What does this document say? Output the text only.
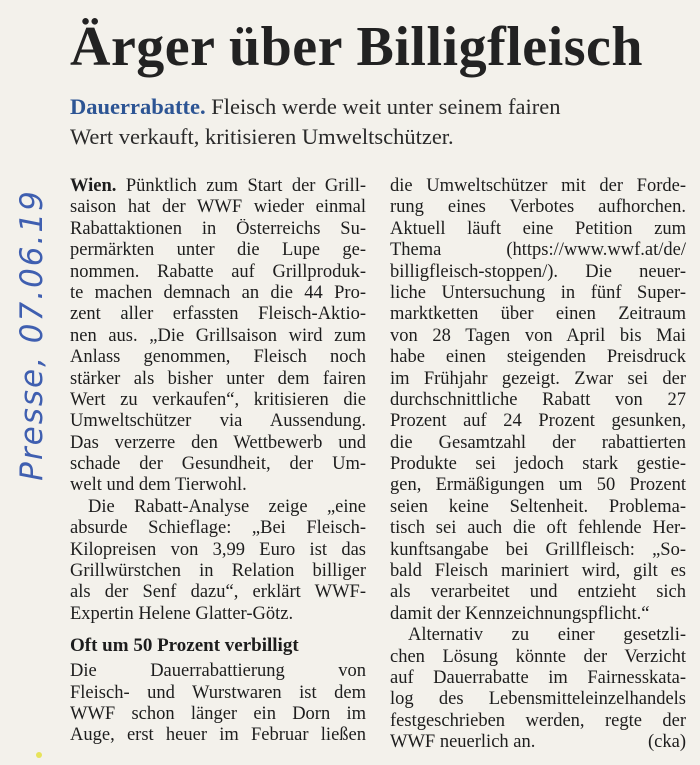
Presse, 07.06.19
Ärger über Billigfleisch
Dauerrabatte. Fleisch werde weit unter seinem fairen
Wert verkauft, kritisieren Umweltschützer.
Wien. Pünktlich zum Start der Grill-
saison hat der WWF wieder einmal
Rabattaktionen in Österreichs Su-
permärkten unter die Lupe ge-
nommen. Rabatte auf Grillproduk-
te machen demnach an die 44 Pro-
zent aller erfassten Fleisch-Aktio-
nen aus. „Die Grillsaison wird zum
Anlass genommen, Fleisch noch
stärker als bisher unter dem fairen
Wert zu verkaufen“, kritisieren die
Umweltschützer via Aussendung.
Das verzerre den Wettbewerb und
schade der Gesundheit, der Um-
welt und dem Tierwohl.
Die Rabatt-Analyse zeige „eine
absurde Schieflage: „Bei Fleisch-
Kilopreisen von 3,99 Euro ist das
Grillwürstchen in Relation billiger
als der Senf dazu“, erklärt WWF-
Expertin Helene Glatter-Götz.
Oft um 50 Prozent verbilligt
Die Dauerrabattierung von
Fleisch- und Wurstwaren ist dem
WWF schon länger ein Dorn im
Auge, erst heuer im Februar ließen
die Umweltschützer mit der Forde-
rung eines Verbotes aufhorchen.
Aktuell läuft eine Petition zum
Thema (https://www.wwf.at/de/
billigfleisch-stoppen/). Die neuer-
liche Untersuchung in fünf Super-
marktketten über einen Zeitraum
von 28 Tagen von April bis Mai
habe einen steigenden Preisdruck
im Frühjahr gezeigt. Zwar sei der
durchschnittliche Rabatt von 27
Prozent auf 24 Prozent gesunken,
die Gesamtzahl der rabattierten
Produkte sei jedoch stark gestie-
gen, Ermäßigungen um 50 Prozent
seien keine Seltenheit. Problema-
tisch sei auch die oft fehlende Her-
kunftsangabe bei Grillfleisch: „So-
bald Fleisch mariniert wird, gilt es
als verarbeitet und entzieht sich
damit der Kennzeichnungspflicht.“
Alternativ zu einer gesetzli-
chen Lösung könnte der Verzicht
auf Dauerrabatte im Fairnesskata-
log des Lebensmitteleinzelhandels
festgeschrieben werden, regte der
WWF neuerlich an.	(cka)
